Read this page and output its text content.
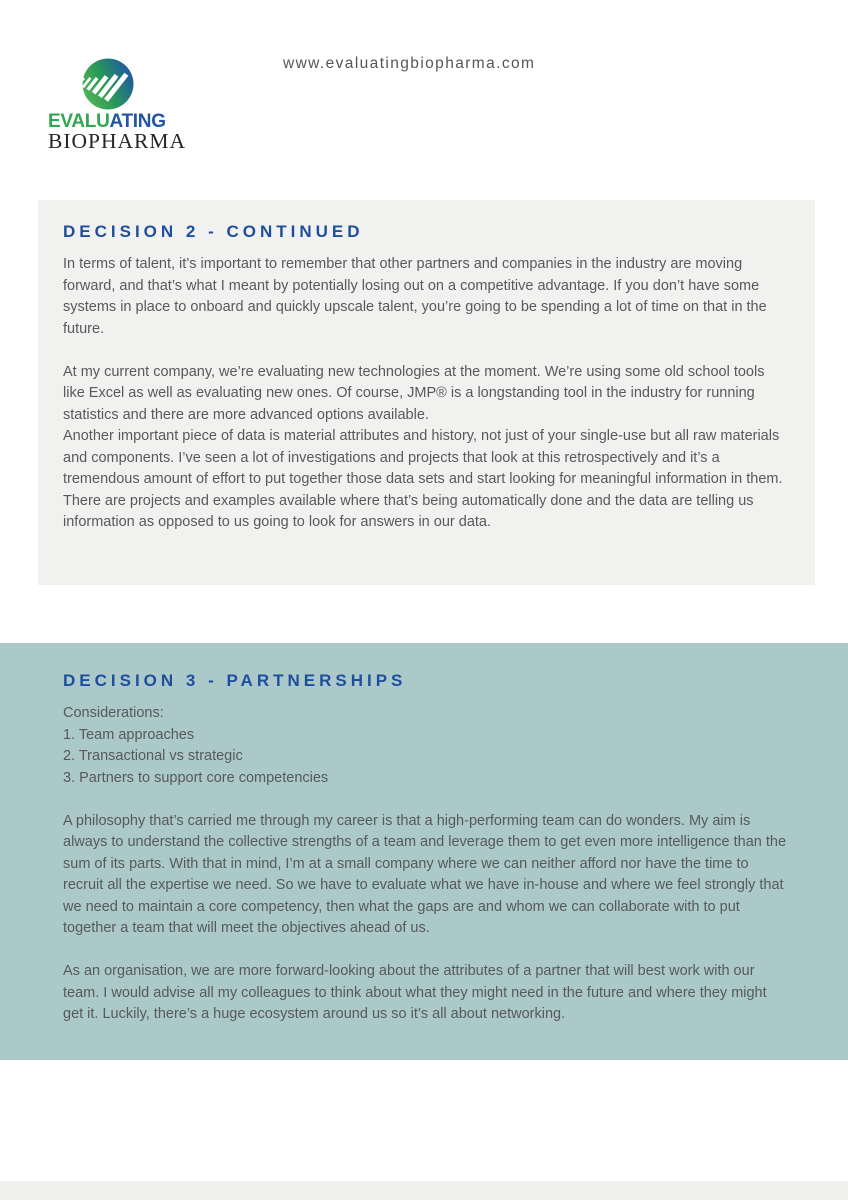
EVALUATING
BIOPHARMA
www.evaluatingbiopharma.com
DECISION 2 - CONTINUED

In terms of talent, it’s important to remember that other partners and companies in the industry are moving forward, and that’s what I meant by potentially losing out on a competitive advantage. If you don’t have some systems in place to onboard and quickly upscale talent, you’re going to be spending a lot of time on that in the future.

At my current company, we’re evaluating new technologies at the moment. We’re using some old school tools like Excel as well as evaluating new ones. Of course, JMP® is a longstanding tool in the industry for running statistics and there are more advanced options available.

Another important piece of data is material attributes and history, not just of your single-use but all raw materials and components. I’ve seen a lot of investigations and projects that look at this retrospectively and it’s a tremendous amount of effort to put together those data sets and start looking for meaningful information in them. There are projects and examples available where that’s being automatically done and the data are telling us information as opposed to us going to look for answers in our data.

DECISION 3 - PARTNERSHIPS
Considerations:
1. Team approaches
2. Transactional vs strategic
3. Partners to support core competencies

A philosophy that’s carried me through my career is that a high-performing team can do wonders. My aim is always to understand the collective strengths of a team and leverage them to get even more intelligence than the sum of its parts. With that in mind, I’m at a small company where we can neither afford nor have the time to recruit all the expertise we need. So we have to evaluate what we have in-house and where we feel strongly that we need to maintain a core competency, then what the gaps are and whom we can collaborate with to put together a team that will meet the objectives ahead of us.

As an organisation, we are more forward-looking about the attributes of a partner that will best work with our team. I would advise all my colleagues to think about what they might need in the future and where they might get it. Luckily, there’s a huge ecosystem around us so it’s all about networking.
